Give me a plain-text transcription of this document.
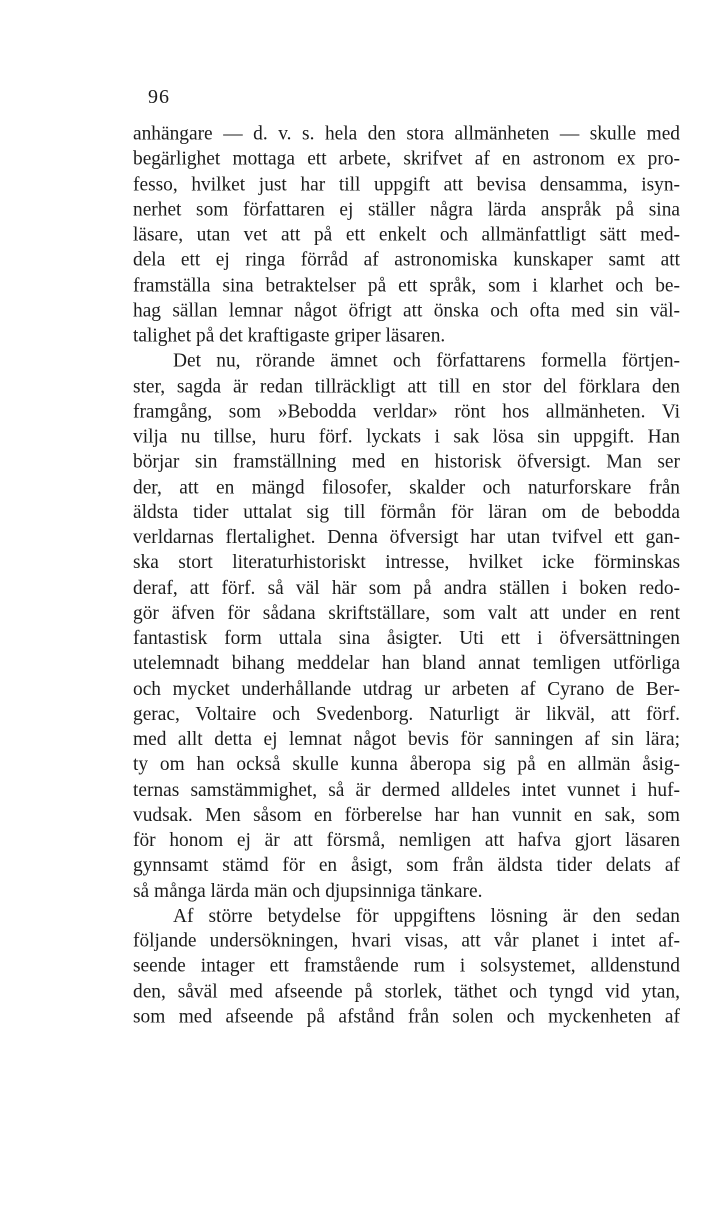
96
anhängare — d. v. s. hela den stora allmänheten — skulle med
begärlighet mottaga ett arbete, skrifvet af en astronom ex pro-
fesso, hvilket just har till uppgift att bevisa densamma, isyn-
nerhet som författaren ej ställer några lärda anspråk på sina
läsare, utan vet att på ett enkelt och allmänfattligt sätt med-
dela ett ej ringa förråd af astronomiska kunskaper samt att
framställa sina betraktelser på ett språk, som i klarhet och be-
hag sällan lemnar något öfrigt att önska och ofta med sin väl-
talighet på det kraftigaste griper läsaren.
Det nu, rörande ämnet och författarens formella förtjen-
ster, sagda är redan tillräckligt att till en stor del förklara den
framgång, som »Bebodda verldar» rönt hos allmänheten. Vi
vilja nu tillse, huru förf. lyckats i sak lösa sin uppgift. Han
börjar sin framställning med en historisk öfversigt. Man ser
der, att en mängd filosofer, skalder och naturforskare från
äldsta tider uttalat sig till förmån för läran om de bebodda
verldarnas flertalighet. Denna öfversigt har utan tvifvel ett gan-
ska stort literaturhistoriskt intresse, hvilket icke förminskas
deraf, att förf. så väl här som på andra ställen i boken redo-
gör äfven för sådana skriftställare, som valt att under en rent
fantastisk form uttala sina åsigter. Uti ett i öfversättningen
utelemnadt bihang meddelar han bland annat temligen utförliga
och mycket underhållande utdrag ur arbeten af Cyrano de Ber-
gerac, Voltaire och Svedenborg. Naturligt är likväl, att förf.
med allt detta ej lemnat något bevis för sanningen af sin lära;
ty om han också skulle kunna åberopa sig på en allmän åsig-
ternas samstämmighet, så är dermed alldeles intet vunnet i huf-
vudsak. Men såsom en förberelse har han vunnit en sak, som
för honom ej är att försmå, nemligen att hafva gjort läsaren
gynnsamt stämd för en åsigt, som från äldsta tider delats af
så många lärda män och djupsinniga tänkare.
Af större betydelse för uppgiftens lösning är den sedan
följande undersökningen, hvari visas, att vår planet i intet af-
seende intager ett framstående rum i solsystemet, alldenstund
den, såväl med afseende på storlek, täthet och tyngd vid ytan,
som med afseende på afstånd från solen och myckenheten af
